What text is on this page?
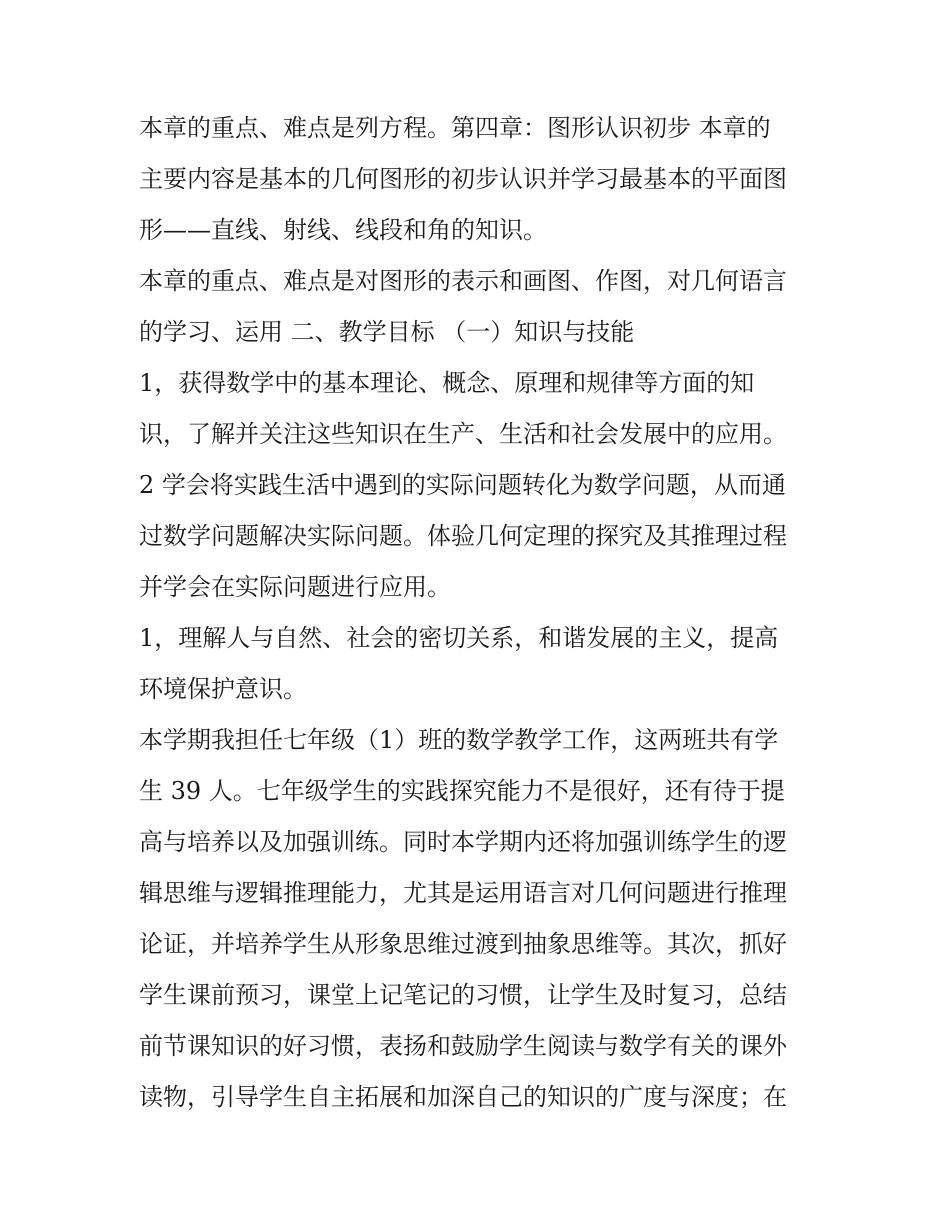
本章的重点、难点是列方程。第四章：图形认识初步 本章的
主要内容是基本的几何图形的初步认识并学习最基本的平面图
形——直线、射线、线段和角的知识。
本章的重点、难点是对图形的表示和画图、作图，对几何语言
的学习、运用 二、教学目标 （一）知识与技能
1，获得数学中的基本理论、概念、原理和规律等方面的知
识，了解并关注这些知识在生产、生活和社会发展中的应用。
2 学会将实践生活中遇到的实际问题转化为数学问题，从而通
过数学问题解决实际问题。体验几何定理的探究及其推理过程
并学会在实际问题进行应用。
1，理解人与自然、社会的密切关系，和谐发展的主义，提高
环境保护意识。
本学期我担任七年级（1）班的数学教学工作，这两班共有学
生 39 人。七年级学生的实践探究能力不是很好，还有待于提
高与培养以及加强训练。同时本学期内还将加强训练学生的逻
辑思维与逻辑推理能力，尤其是运用语言对几何问题进行推理
论证，并培养学生从形象思维过渡到抽象思维等。其次，抓好
学生课前预习，课堂上记笔记的习惯，让学生及时复习，总结
前节课知识的好习惯，表扬和鼓励学生阅读与数学有关的课外
读物，引导学生自主拓展和加深自己的知识的广度与深度；在
